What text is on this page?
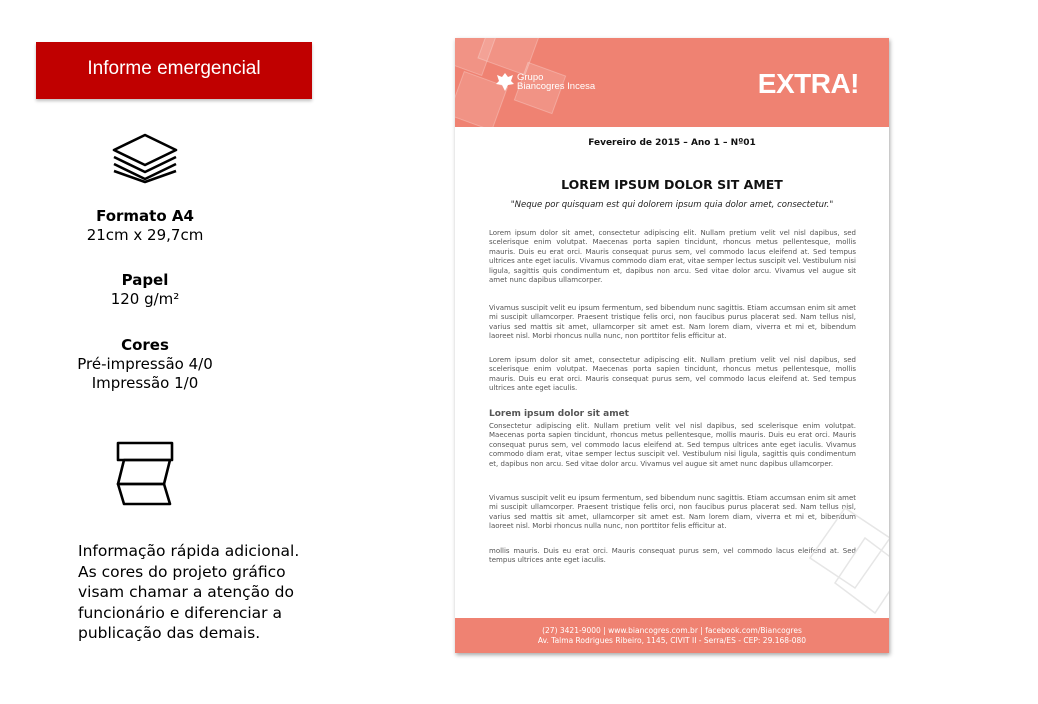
Informe emergencial
Formato A4
21cm x 29,7cm
Papel
120 g/m²
Cores
Pré-impressão 4/0
Impressão 1/0
Informação rápida adicional. As cores do projeto gráfico visam chamar a atenção do funcionário e diferenciar a publicação das demais.
Grupo
Biancogres Incesa	EXTRA!
Fevereiro de 2015 – Ano 1 – Nº01
LOREM IPSUM DOLOR SIT AMET
"Neque por quisquam est qui dolorem ipsum quia dolor amet, consectetur."

Lorem ipsum dolor sit amet, consectetur adipiscing elit. Nullam pretium velit vel nisl dapibus, sed scelerisque enim volutpat. Maecenas porta sapien tincidunt, rhoncus metus pellentesque, mollis mauris. Duis eu erat orci. Mauris consequat purus sem, vel commodo lacus eleifend at. Sed tempus ultrices ante eget iaculis. Vivamus commodo diam erat, vitae semper lectus suscipit vel. Vestibulum nisi ligula, sagittis quis condimentum et, dapibus non arcu. Sed vitae dolor arcu. Vivamus vel augue sit amet nunc dapibus ullamcorper.

Vivamus suscipit velit eu ipsum fermentum, sed bibendum nunc sagittis. Etiam accumsan enim sit amet mi suscipit ullamcorper. Praesent tristique felis orci, non faucibus purus placerat sed. Nam tellus nisl, varius sed mattis sit amet, ullamcorper sit amet est. Nam lorem diam, viverra et mi et, bibendum laoreet nisl. Morbi rhoncus nulla nunc, non porttitor felis efficitur at.

Lorem ipsum dolor sit amet, consectetur adipiscing elit. Nullam pretium velit vel nisl dapibus, sed scelerisque enim volutpat. Maecenas porta sapien tincidunt, rhoncus metus pellentesque, mollis mauris. Duis eu erat orci. Mauris consequat purus sem, vel commodo lacus eleifend at. Sed tempus ultrices ante eget iaculis.

Lorem ipsum dolor sit amet

Consectetur adipiscing elit. Nullam pretium velit vel nisl dapibus, sed scelerisque enim volutpat. Maecenas porta sapien tincidunt, rhoncus metus pellentesque, mollis mauris. Duis eu erat orci. Mauris consequat purus sem, vel commodo lacus eleifend at. Sed tempus ultrices ante eget iaculis. Vivamus commodo diam erat, vitae semper lectus suscipit vel. Vestibulum nisi ligula, sagittis quis condimentum et, dapibus non arcu. Sed vitae dolor arcu. Vivamus vel augue sit amet nunc dapibus ullamcorper.

Vivamus suscipit velit eu ipsum fermentum, sed bibendum nunc sagittis. Etiam accumsan enim sit amet mi suscipit ullamcorper. Praesent tristique felis orci, non faucibus purus placerat sed. Nam tellus nisl, varius sed mattis sit amet, ullamcorper sit amet est. Nam lorem diam, viverra et mi et, bibendum laoreet nisl. Morbi rhoncus nulla nunc, non porttitor felis efficitur at.

mollis mauris. Duis eu erat orci. Mauris consequat purus sem, vel commodo lacus eleifend at. Sed tempus ultrices ante eget iaculis.

(27) 3421-9000 | www.biancogres.com.br | facebook.com/Biancogres
Av. Talma Rodrigues Ribeiro, 1145, CIVIT II - Serra/ES - CEP: 29.168-080
